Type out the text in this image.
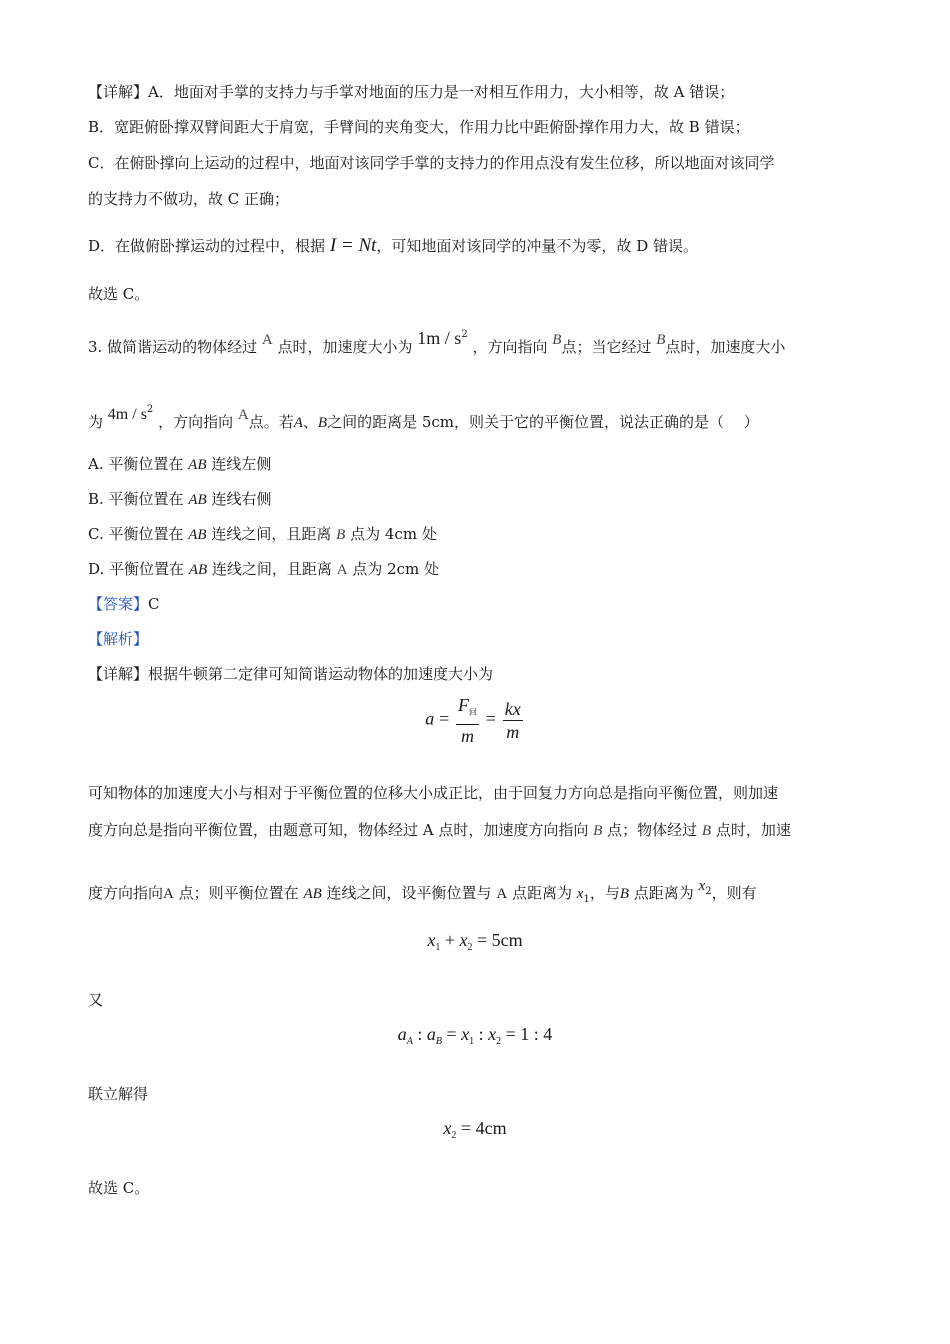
【详解】A．地面对手掌的支持力与手掌对地面的压力是一对相互作用力，大小相等，故 A 错误；
B．宽距俯卧撑双臂间距大于肩宽，手臂间的夹角变大，作用力比中距俯卧撑作用力大，故 B 错误；
C．在俯卧撑向上运动的过程中，地面对该同学手掌的支持力的作用点没有发生位移，所以地面对该同学
的支持力不做功，故 C 正确；
D．在做俯卧撑运动的过程中，根据 I = Nt，可知地面对该同学的冲量不为零，故 D 错误。
故选 C。
3. 做简谐运动的物体经过 A 点时，加速度大小为 $1m / s^2$ ，方向指向 B点；当它经过 B点时，加速度大小
为 $4m / s^2$ ，方向指向 A点。若A、B之间的距离是 5cm，则关于它的平衡位置，说法正确的是（　 ）
A. 平衡位置在 AB 连线左侧
B. 平衡位置在 AB 连线右侧
C. 平衡位置在 AB 连线之间，且距离 B 点为 4cm 处
D. 平衡位置在 AB 连线之间，且距离 A 点为 2cm 处
【答案】C
【解析】
【详解】根据牛顿第二定律可知简谐运动物体的加速度大小为
$a = \frac{F_回}{m} = \frac{kx}{m}$
可知物体的加速度大小与相对于平衡位置的位移大小成正比，由于回复力方向总是指向平衡位置，则加速
度方向总是指向平衡位置，由题意可知，物体经过 A 点时，加速度方向指向 B 点；物体经过 B 点时，加速
度方向指向A 点；则平衡位置在 AB 连线之间，设平衡位置与 A 点距离为 $x_1$，与B 点距离为 $x_2$，则有
$x_1 + x_2 = 5cm$
又
$a_A$ : $a_B = x_1$ : $x_2 = 1$ : 4
联立解得
$x_2 = 4cm$
故选 C。
